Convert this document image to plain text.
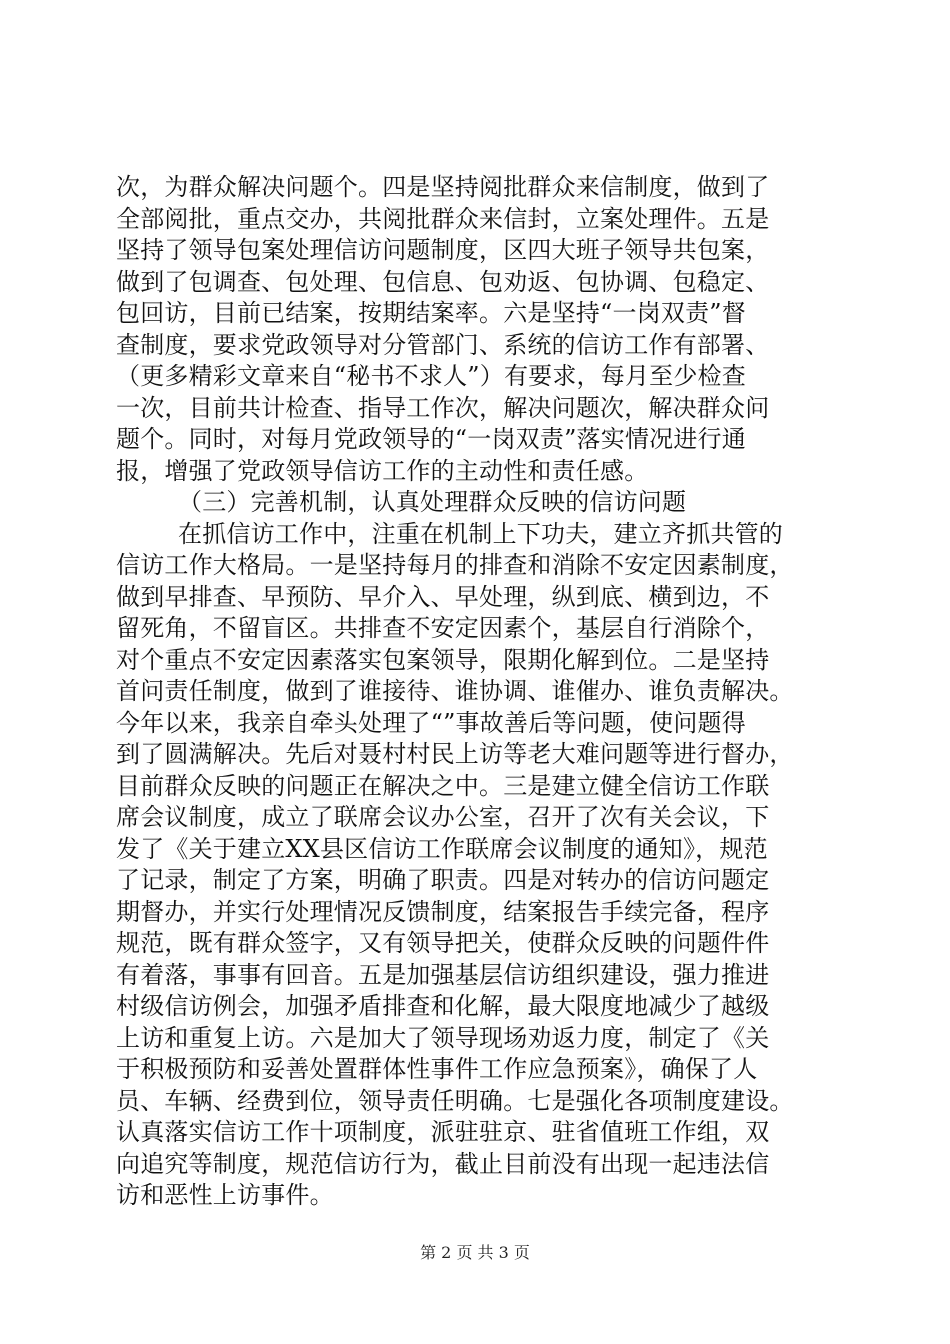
次，为群众解决问题个。四是坚持阅批群众来信制度，做到了
全部阅批，重点交办，共阅批群众来信封，立案处理件。五是
坚持了领导包案处理信访问题制度，区四大班子领导共包案，
做到了包调查、包处理、包信息、包劝返、包协调、包稳定、
包回访，目前已结案，按期结案率。六是坚持“一岗双责”督
查制度，要求党政领导对分管部门、系统的信访工作有部署、
（更多精彩文章来自“秘书不求人”）有要求，每月至少检查
一次，目前共计检查、指导工作次，解决问题次，解决群众问
题个。同时，对每月党政领导的“一岗双责”落实情况进行通
报，增强了党政领导信访工作的主动性和责任感。
（三）完善机制，认真处理群众反映的信访问题
在抓信访工作中，注重在机制上下功夫，建立齐抓共管的
信访工作大格局。一是坚持每月的排查和消除不安定因素制度，
做到早排查、早预防、早介入、早处理，纵到底、横到边，不
留死角，不留盲区。共排查不安定因素个，基层自行消除个，
对个重点不安定因素落实包案领导，限期化解到位。二是坚持
首问责任制度，做到了谁接待、谁协调、谁催办、谁负责解决。
今年以来，我亲自牵头处理了“”事故善后等问题，使问题得
到了圆满解决。先后对聂村村民上访等老大难问题等进行督办，
目前群众反映的问题正在解决之中。三是建立健全信访工作联
席会议制度，成立了联席会议办公室，召开了次有关会议，下
发了《关于建立XX县区信访工作联席会议制度的通知》，规范
了记录，制定了方案，明确了职责。四是对转办的信访问题定
期督办，并实行处理情况反馈制度，结案报告手续完备，程序
规范，既有群众签字，又有领导把关，使群众反映的问题件件
有着落，事事有回音。五是加强基层信访组织建设，强力推进
村级信访例会，加强矛盾排查和化解，最大限度地减少了越级
上访和重复上访。六是加大了领导现场劝返力度，制定了《关
于积极预防和妥善处置群体性事件工作应急预案》，确保了人
员、车辆、经费到位，领导责任明确。七是强化各项制度建设。
认真落实信访工作十项制度，派驻驻京、驻省值班工作组，双
向追究等制度，规范信访行为，截止目前没有出现一起违法信
访和恶性上访事件。
第 2 页 共 3 页
